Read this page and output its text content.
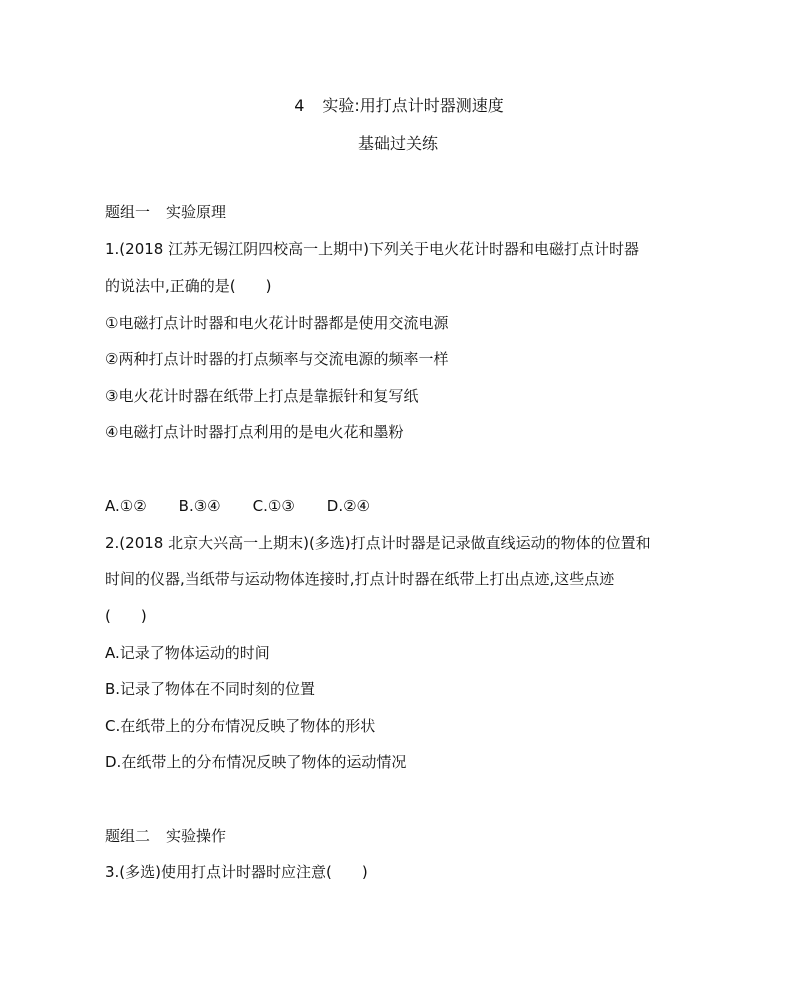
4 实验:用打点计时器测速度
基础过关练
题组一 实验原理
1.(2018 江苏无锡江阴四校高一上期中)下列关于电火花计时器和电磁打点计时器
的说法中,正确的是(　　)
①电磁打点计时器和电火花计时器都是使用交流电源
②两种打点计时器的打点频率与交流电源的频率一样
③电火花计时器在纸带上打点是靠振针和复写纸
④电磁打点计时器打点利用的是电火花和墨粉
A.①② B.③④ C.①③ D.②④
2.(2018 北京大兴高一上期末)(多选)打点计时器是记录做直线运动的物体的位置和
时间的仪器,当纸带与运动物体连接时,打点计时器在纸带上打出点迹,这些点迹
(　　)
A.记录了物体运动的时间
B.记录了物体在不同时刻的位置
C.在纸带上的分布情况反映了物体的形状
D.在纸带上的分布情况反映了物体的运动情况
题组二 实验操作
3.(多选)使用打点计时器时应注意(　　)
